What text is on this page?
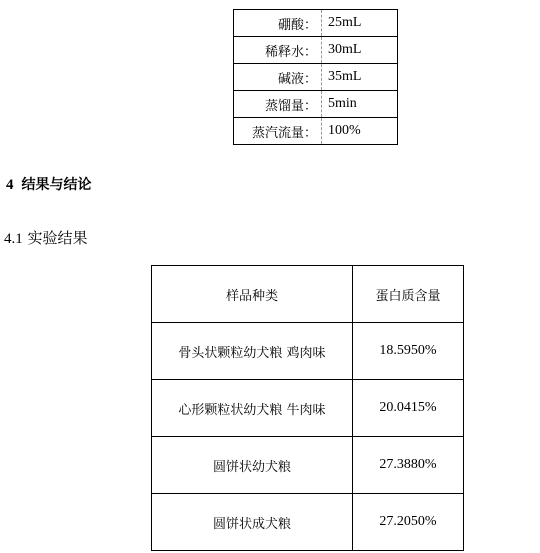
硼酸：	25mL
稀释水：	30mL
碱液：	35mL
蒸馏量：	5min
蒸汽流量：	100%
4 结果与结论
4.1 实验结果
样品种类	蛋白质含量
骨头状颗粒幼犬粮 鸡肉味	18.5950%
心形颗粒状幼犬粮 牛肉味	20.0415%
圆饼状幼犬粮	27.3880%
圆饼状成犬粮	27.2050%
